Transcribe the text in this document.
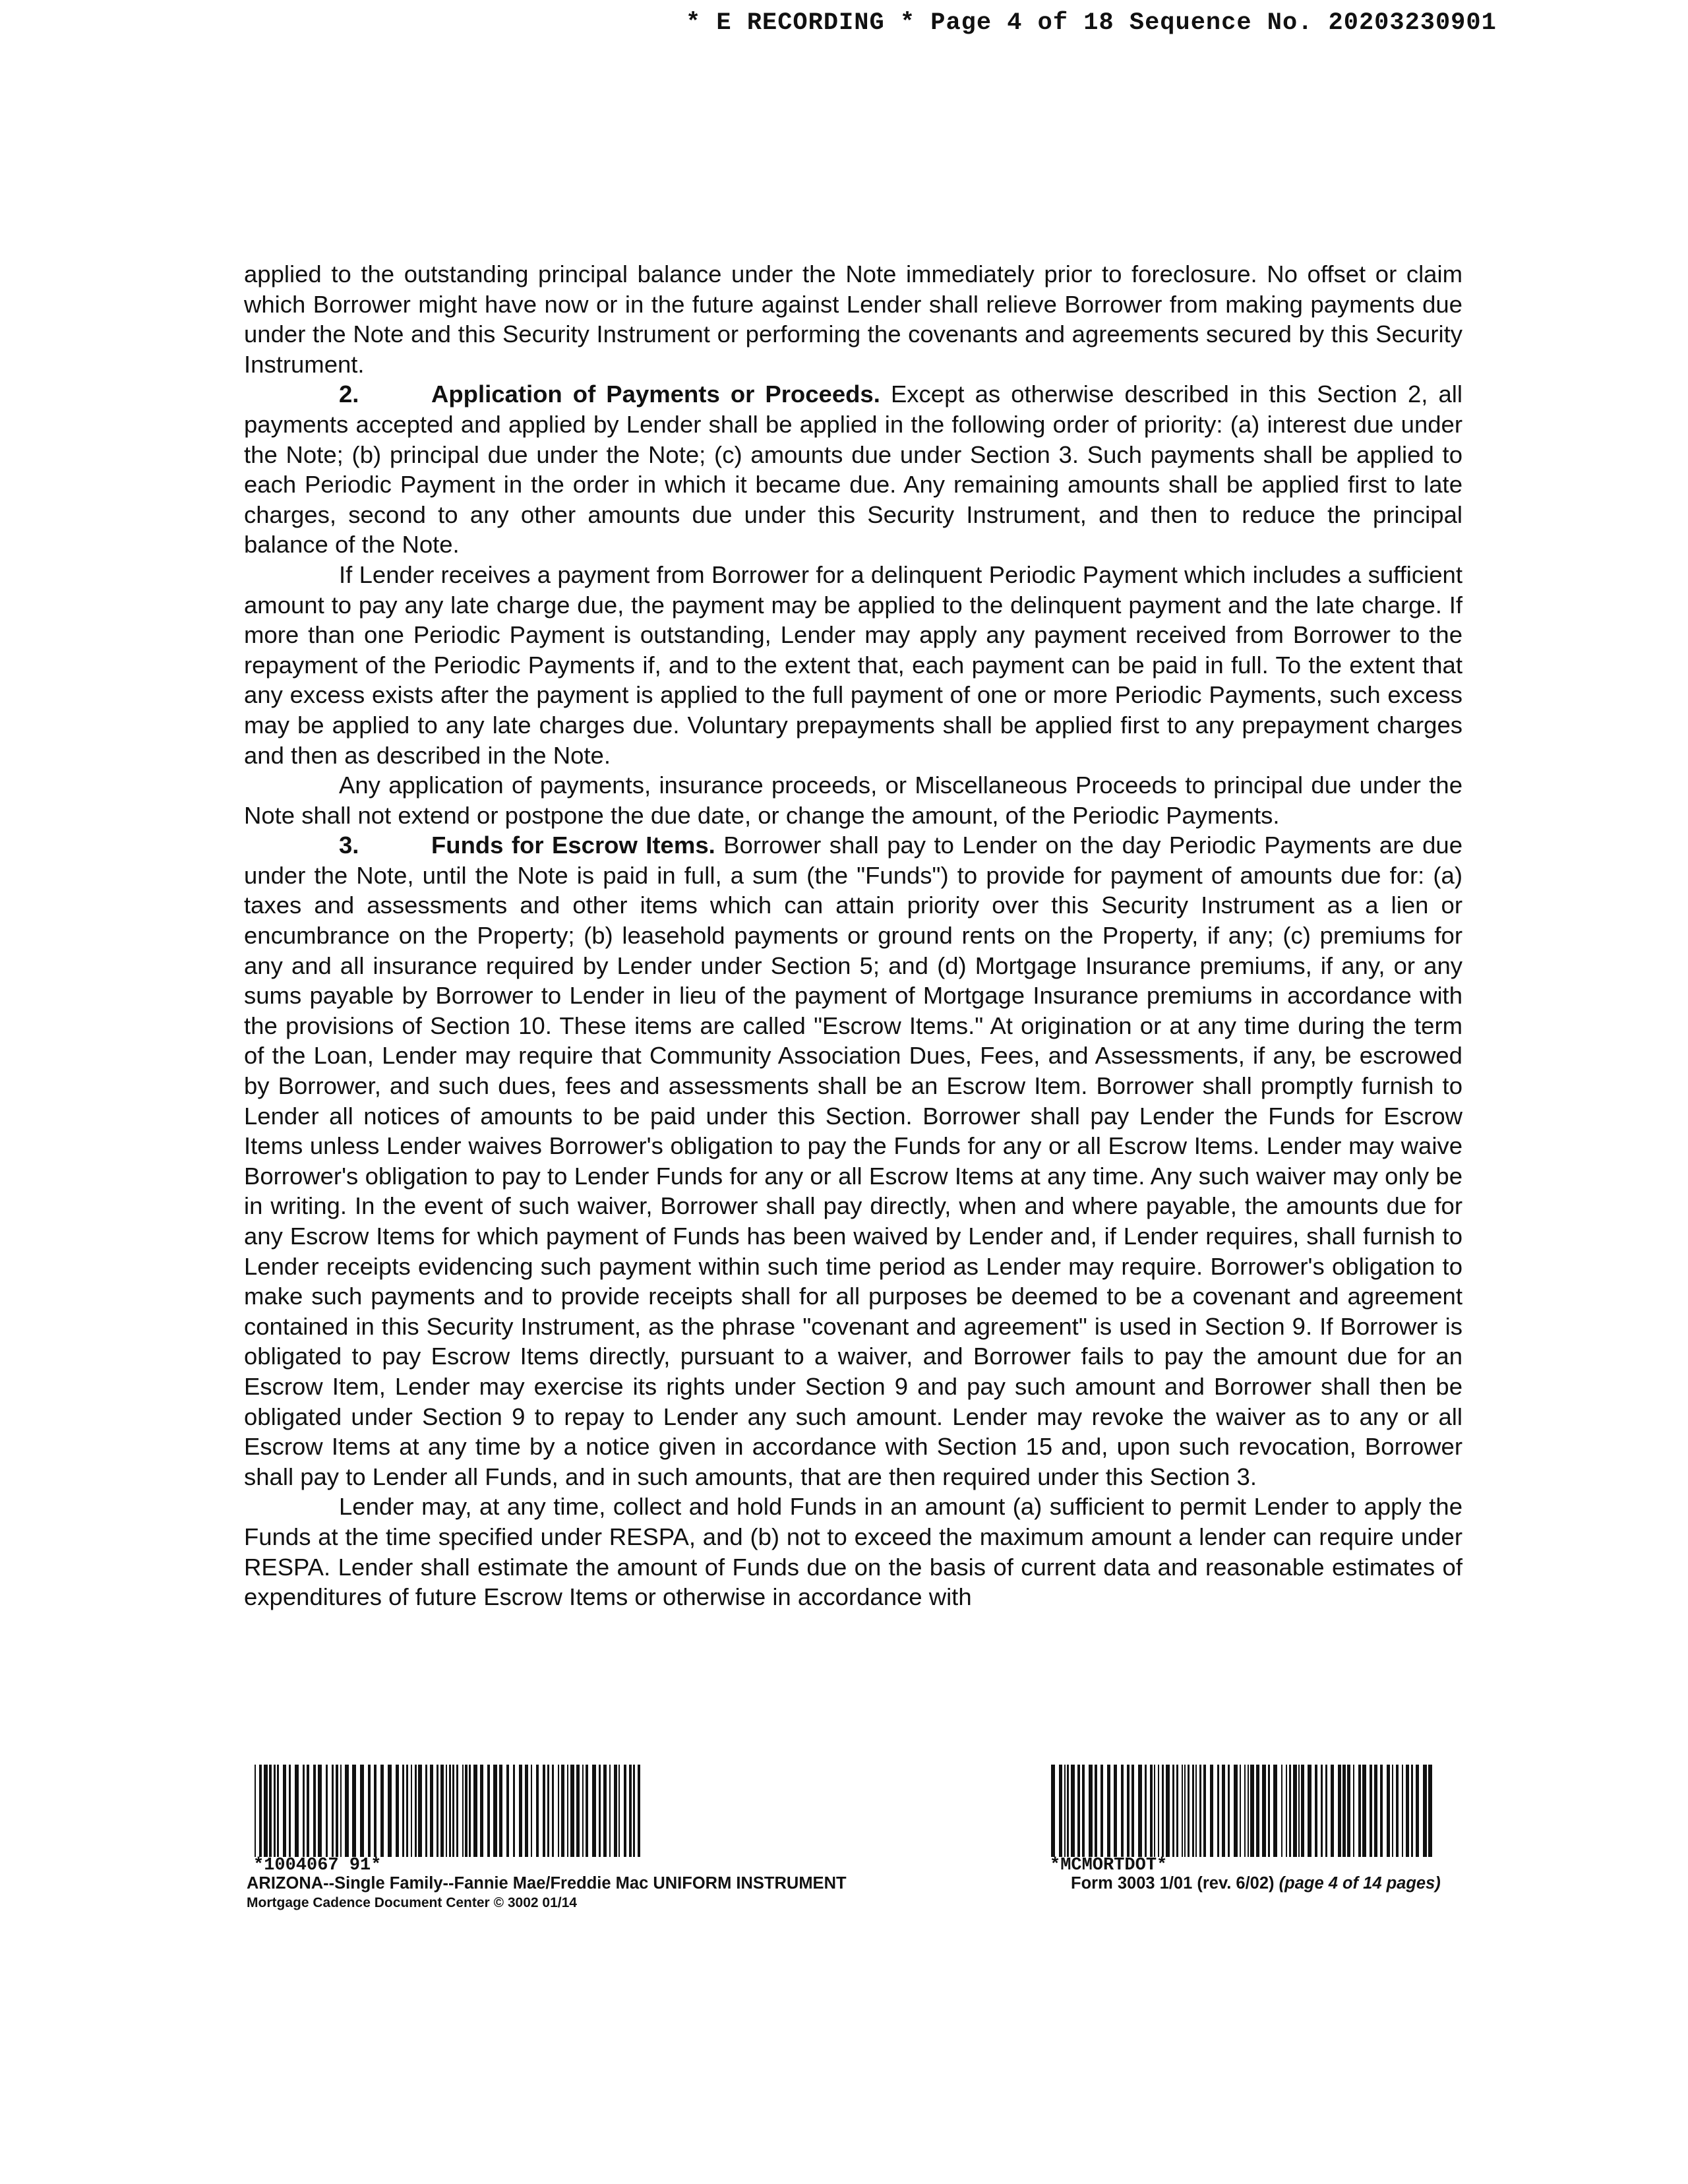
* E RECORDING * Page 4 of 18 Sequence No. 20203230901

applied to the outstanding principal balance under the Note immediately prior to foreclosure. No offset or claim which Borrower might have now or in the future against Lender shall relieve Borrower from making payments due under the Note and this Security Instrument or performing the covenants and agreements secured by this Security Instrument.

2.	Application of Payments or Proceeds. Except as otherwise described in this Section 2, all payments accepted and applied by Lender shall be applied in the following order of priority: (a) interest due under the Note; (b) principal due under the Note; (c) amounts due under Section 3. Such payments shall be applied to each Periodic Payment in the order in which it became due. Any remaining amounts shall be applied first to late charges, second to any other amounts due under this Security Instrument, and then to reduce the principal balance of the Note.

If Lender receives a payment from Borrower for a delinquent Periodic Payment which includes a sufficient amount to pay any late charge due, the payment may be applied to the delinquent payment and the late charge. If more than one Periodic Payment is outstanding, Lender may apply any payment received from Borrower to the repayment of the Periodic Payments if, and to the extent that, each payment can be paid in full. To the extent that any excess exists after the payment is applied to the full payment of one or more Periodic Payments, such excess may be applied to any late charges due. Voluntary prepayments shall be applied first to any prepayment charges and then as described in the Note.

Any application of payments, insurance proceeds, or Miscellaneous Proceeds to principal due under the Note shall not extend or postpone the due date, or change the amount, of the Periodic Payments.

3.	Funds for Escrow Items. Borrower shall pay to Lender on the day Periodic Payments are due under the Note, until the Note is paid in full, a sum (the "Funds") to provide for payment of amounts due for: (a) taxes and assessments and other items which can attain priority over this Security Instrument as a lien or encumbrance on the Property; (b) leasehold payments or ground rents on the Property, if any; (c) premiums for any and all insurance required by Lender under Section 5; and (d) Mortgage Insurance premiums, if any, or any sums payable by Borrower to Lender in lieu of the payment of Mortgage Insurance premiums in accordance with the provisions of Section 10. These items are called "Escrow Items." At origination or at any time during the term of the Loan, Lender may require that Community Association Dues, Fees, and Assessments, if any, be escrowed by Borrower, and such dues, fees and assessments shall be an Escrow Item. Borrower shall promptly furnish to Lender all notices of amounts to be paid under this Section. Borrower shall pay Lender the Funds for Escrow Items unless Lender waives Borrower's obligation to pay the Funds for any or all Escrow Items. Lender may waive Borrower's obligation to pay to Lender Funds for any or all Escrow Items at any time. Any such waiver may only be in writing. In the event of such waiver, Borrower shall pay directly, when and where payable, the amounts due for any Escrow Items for which payment of Funds has been waived by Lender and, if Lender requires, shall furnish to Lender receipts evidencing such payment within such time period as Lender may require. Borrower's obligation to make such payments and to provide receipts shall for all purposes be deemed to be a covenant and agreement contained in this Security Instrument, as the phrase "covenant and agreement" is used in Section 9. If Borrower is obligated to pay Escrow Items directly, pursuant to a waiver, and Borrower fails to pay the amount due for an Escrow Item, Lender may exercise its rights under Section 9 and pay such amount and Borrower shall then be obligated under Section 9 to repay to Lender any such amount. Lender may revoke the waiver as to any or all Escrow Items at any time by a notice given in accordance with Section 15 and, upon such revocation, Borrower shall pay to Lender all Funds, and in such amounts, that are then required under this Section 3.

Lender may, at any time, collect and hold Funds in an amount (a) sufficient to permit Lender to apply the Funds at the time specified under RESPA, and (b) not to exceed the maximum amount a lender can require under RESPA. Lender shall estimate the amount of Funds due on the basis of current data and reasonable estimates of expenditures of future Escrow Items or otherwise in accordance with

*1004067 91*	*MCMORTDOT*
ARIZONA--Single Family--Fannie Mae/Freddie Mac UNIFORM INSTRUMENT
Mortgage Cadence Document Center © 3002 01/14
Form 3003 1/01 (rev. 6/02) (page 4 of 14 pages)
